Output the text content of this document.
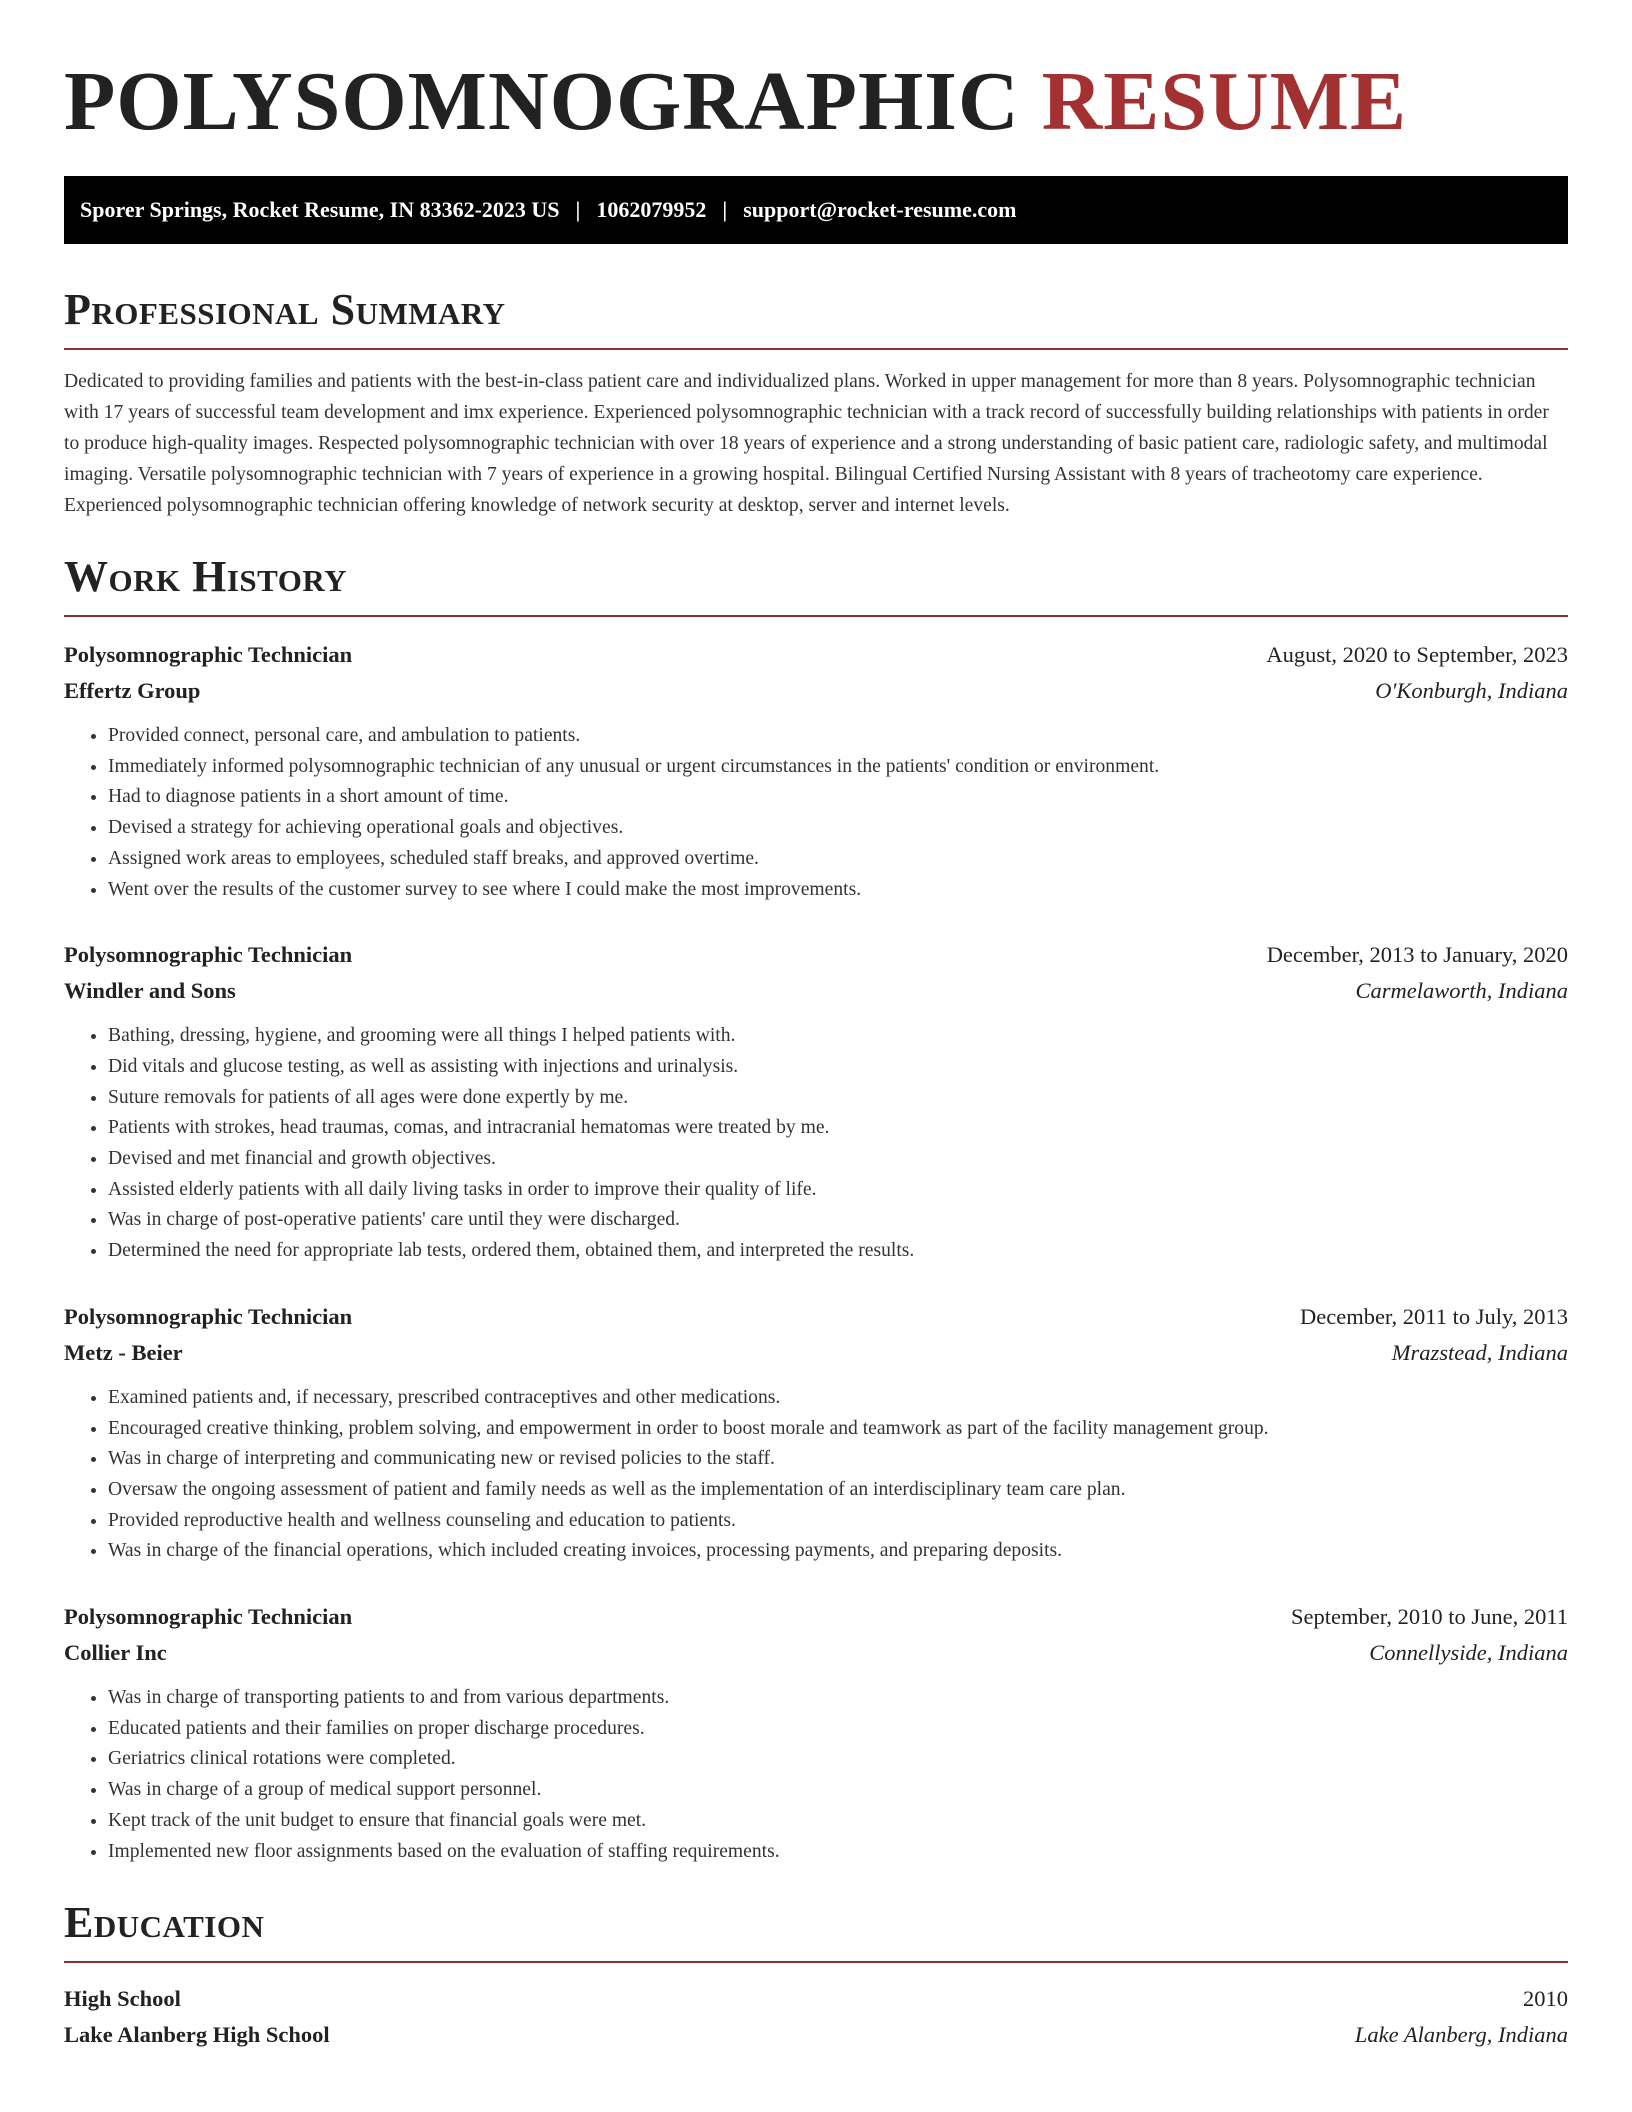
POLYSOMNOGRAPHIC RESUME
Sporer Springs, Rocket Resume, IN 83362-2023 US | 1062079952 | support@rocket-resume.com
Professional Summary

Dedicated to providing families and patients with the best-in-class patient care and individualized plans. Worked in upper management for more than 8 years. Polysomnographic technician with 17 years of successful team development and imx experience. Experienced polysomnographic technician with a track record of successfully building relationships with patients in order to produce high-quality images. Respected polysomnographic technician with over 18 years of experience and a strong understanding of basic patient care, radiologic safety, and multimodal imaging. Versatile polysomnographic technician with 7 years of experience in a growing hospital. Bilingual Certified Nursing Assistant with 8 years of tracheotomy care experience. Experienced polysomnographic technician offering knowledge of network security at desktop, server and internet levels.

Work History
Polysomnographic Technician	August, 2020 to September, 2023
Effertz Group	O'Konburgh, Indiana
• Provided connect, personal care, and ambulation to patients.
• Immediately informed polysomnographic technician of any unusual or urgent circumstances in the patients' condition or environment.
• Had to diagnose patients in a short amount of time.
• Devised a strategy for achieving operational goals and objectives.
• Assigned work areas to employees, scheduled staff breaks, and approved overtime.
• Went over the results of the customer survey to see where I could make the most improvements.
Polysomnographic Technician	December, 2013 to January, 2020
Windler and Sons	Carmelaworth, Indiana
• Bathing, dressing, hygiene, and grooming were all things I helped patients with.
• Did vitals and glucose testing, as well as assisting with injections and urinalysis.
• Suture removals for patients of all ages were done expertly by me.
• Patients with strokes, head traumas, comas, and intracranial hematomas were treated by me.
• Devised and met financial and growth objectives.
• Assisted elderly patients with all daily living tasks in order to improve their quality of life.
• Was in charge of post-operative patients' care until they were discharged.
• Determined the need for appropriate lab tests, ordered them, obtained them, and interpreted the results.
Polysomnographic Technician	December, 2011 to July, 2013
Metz - Beier	Mrazstead, Indiana
• Examined patients and, if necessary, prescribed contraceptives and other medications.
• Encouraged creative thinking, problem solving, and empowerment in order to boost morale and teamwork as part of the facility management group.
• Was in charge of interpreting and communicating new or revised policies to the staff.
• Oversaw the ongoing assessment of patient and family needs as well as the implementation of an interdisciplinary team care plan.
• Provided reproductive health and wellness counseling and education to patients.
• Was in charge of the financial operations, which included creating invoices, processing payments, and preparing deposits.
Polysomnographic Technician	September, 2010 to June, 2011
Collier Inc	Connellyside, Indiana
• Was in charge of transporting patients to and from various departments.
• Educated patients and their families on proper discharge procedures.
• Geriatrics clinical rotations were completed.
• Was in charge of a group of medical support personnel.
• Kept track of the unit budget to ensure that financial goals were met.
• Implemented new floor assignments based on the evaluation of staffing requirements.
Education
High School	2010
Lake Alanberg High School	Lake Alanberg, Indiana
